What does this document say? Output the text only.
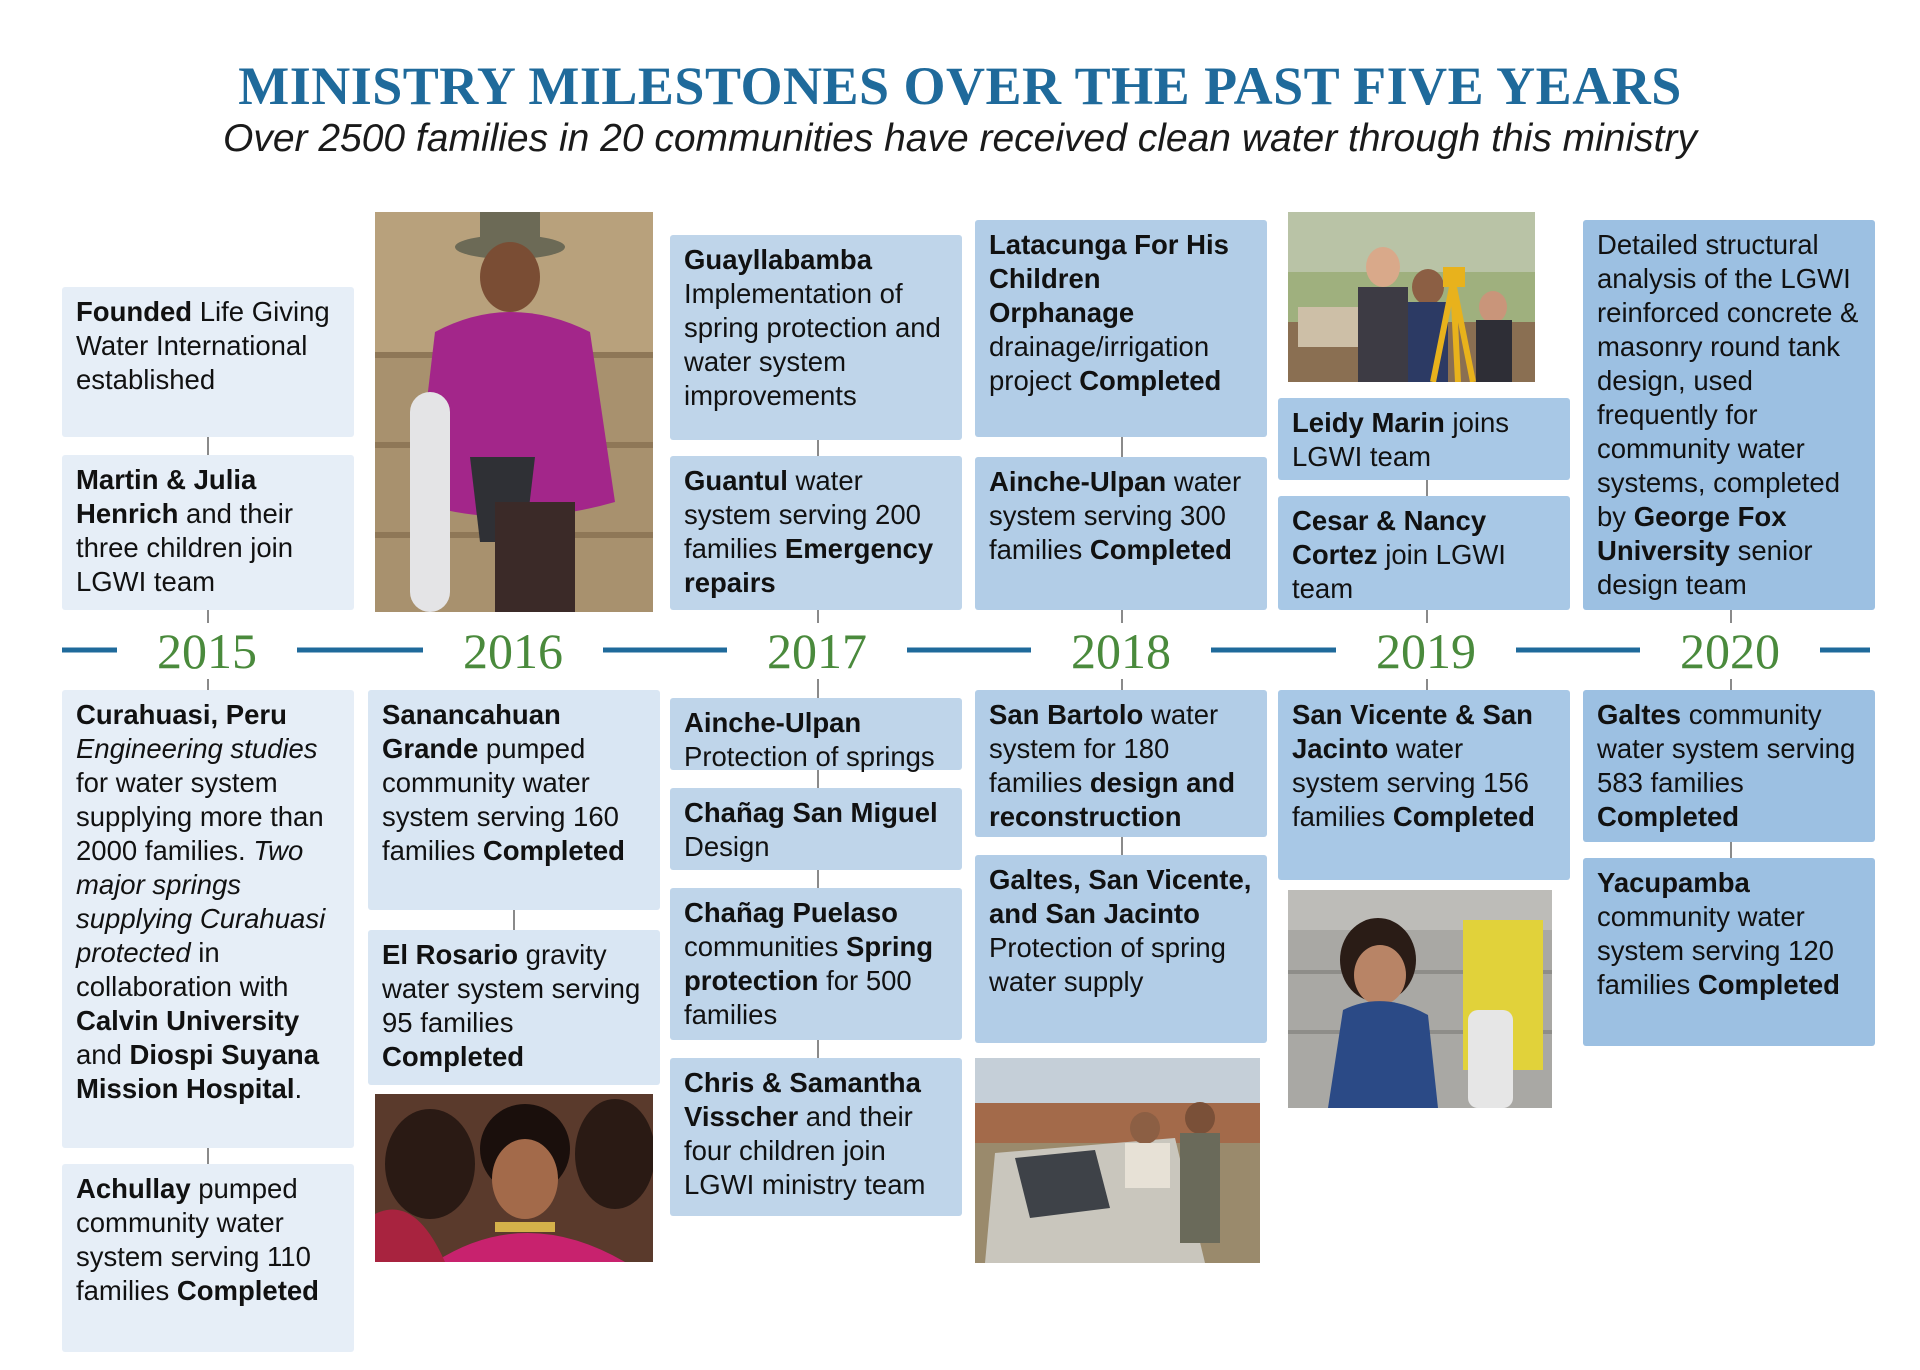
MINISTRY MILESTONES OVER THE PAST FIVE YEARS
Over 2500 families in 20 communities have received clean water through this ministry
2015	2016	2017	2018	2019	2020
Founded Life Giving Water International established
Martin & Julia Henrich and their three children join LGWI team
Curahuasi, Peru Engineering studies for water system supplying more than 2000 families. Two major springs supplying Curahuasi protected in collaboration with Calvin University and Diospi Suyana Mission Hospital.
Achullay pumped community water system serving 110 families Completed
Sanancahuan Grande pumped community water system serving 160 families Completed
El Rosario gravity water system serving 95 families Completed
Guayllabamba Implementation of spring protection and water system improvements
Guantul water system serving 200 families Emergency repairs
Ainche-Ulpan Protection of springs
Chañag San Miguel Design
Chañag Puelaso communities Spring protection for 500 families
Chris & Samantha Visscher and their four children join LGWI ministry team
Latacunga For His Children Orphanage drainage/irrigation project Completed
Ainche-Ulpan water system serving 300 families Completed
San Bartolo water system for 180 families design and reconstruction
Galtes, San Vicente, and San Jacinto Protection of spring water supply
Leidy Marin joins LGWI team
Cesar & Nancy Cortez join LGWI team
San Vicente & San Jacinto water system serving 156 families Completed
Detailed structural analysis of the LGWI reinforced concrete & masonry round tank design, used frequently for community water systems, completed by George Fox University senior design team
Galtes community water system serving 583 families Completed
Yacupamba community water system serving 120 families Completed
